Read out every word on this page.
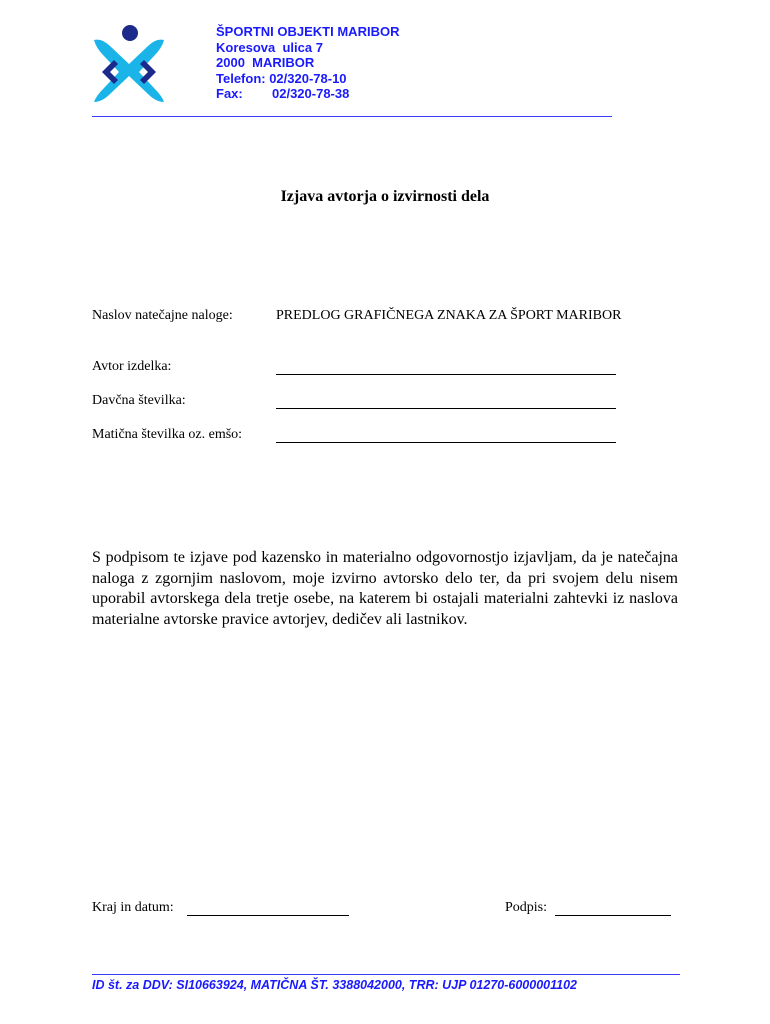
ŠPORTNI OBJEKTI MARIBOR
Koresova  ulica 7
2000  MARIBOR
Telefon: 02/320-78-10
Fax: 02/320-78-38
Izjava avtorja o izvirnosti dela
Naslov natečajne naloge:	PREDLOG GRAFIČNEGA ZNAKA ZA ŠPORT MARIBOR
Avtor izdelka:
Davčna številka:
Matična številka oz. emšo:
S podpisom te izjave pod kazensko in materialno odgovornostjo izjavljam, da je natečajna naloga z zgornjim naslovom, moje izvirno avtorsko delo ter, da pri svojem delu nisem uporabil avtorskega dela tretje osebe, na katerem bi ostajali materialni zahtevki iz naslova materialne avtorske pravice avtorjev, dedičev ali lastnikov.
Kraj in datum:	Podpis:
ID št. za DDV: SI10663924, MATIČNA ŠT. 3388042000, TRR: UJP 01270-6000001102
